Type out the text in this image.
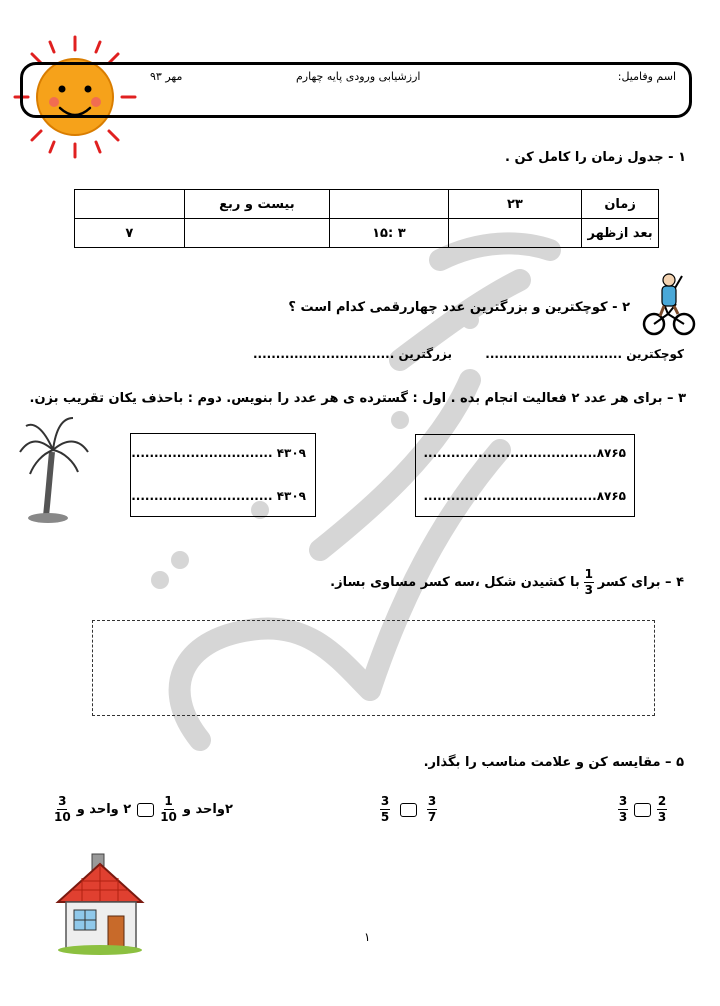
اسم وفامیل:
ارزشیابی ورودی پایه چهارم
مهر ۹۳
۱ - جدول زمان را کامل کن .
زمان	۲۳		بیست و ربع	
بعد ازظهر		۳ :۱۵		۷
۲ - کوچکترین و بزرگترین عدد چهاررقمی کدام است ؟
کوچکترین ..............................
بزرگترین ...............................
۳ – برای هر عدد ۲ فعالیت انجام بده . اول : گسترده ی هر عدد را بنویس. دوم : باحذف یکان تقریب بزن.
۴۳۰۹ ...............................
۴۳۰۹ ...............................
۸۷۶۵......................................
۸۷۶۵......................................
۴ – برای کسر
$\frac{1}{3}$
با کشیدن شکل ،سه کسر مساوی بساز.
۵ – مقایسه کن و علامت مناسب را بگذار.
$\frac{3}{3} \frac{2}{3}$
$\frac{3}{5}$	$\frac{3}{7}$
$\frac{3}{10}$ ۲ واحد و $\frac{1}{10}$ ۲واحد و
۱
